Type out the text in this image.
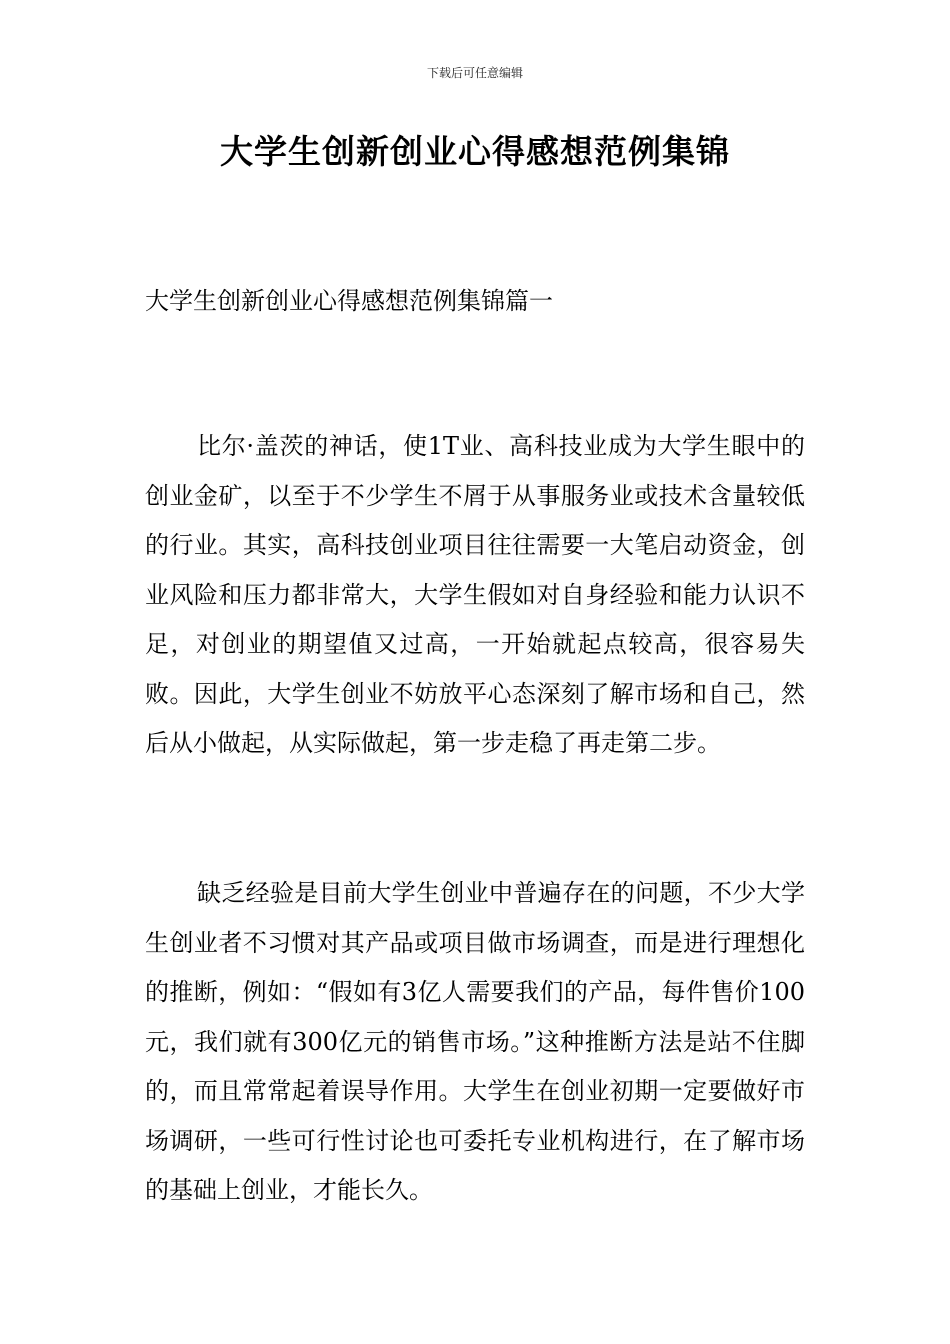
下载后可任意编辑
大学生创新创业心得感想范例集锦
大学生创新创业心得感想范例集锦篇一

比尔·盖茨的神话，使1T业、高科技业成为大学生眼中的创业金矿，以至于不少学生不屑于从事服务业或技术含量较低的行业。其实，高科技创业项目往往需要一大笔启动资金，创业风险和压力都非常大，大学生假如对自身经验和能力认识不足，对创业的期望值又过高，一开始就起点较高，很容易失败。因此，大学生创业不妨放平心态深刻了解市场和自己，然后从小做起，从实际做起，第一步走稳了再走第二步。

缺乏经验是目前大学生创业中普遍存在的问题，不少大学生创业者不习惯对其产品或项目做市场调查，而是进行理想化的推断，例如：“假如有3亿人需要我们的产品，每件售价100元，我们就有300亿元的销售市场。”这种推断方法是站不住脚的，而且常常起着误导作用。大学生在创业初期一定要做好市场调研，一些可行性讨论也可委托专业机构进行，在了解市场的基础上创业，才能长久。
